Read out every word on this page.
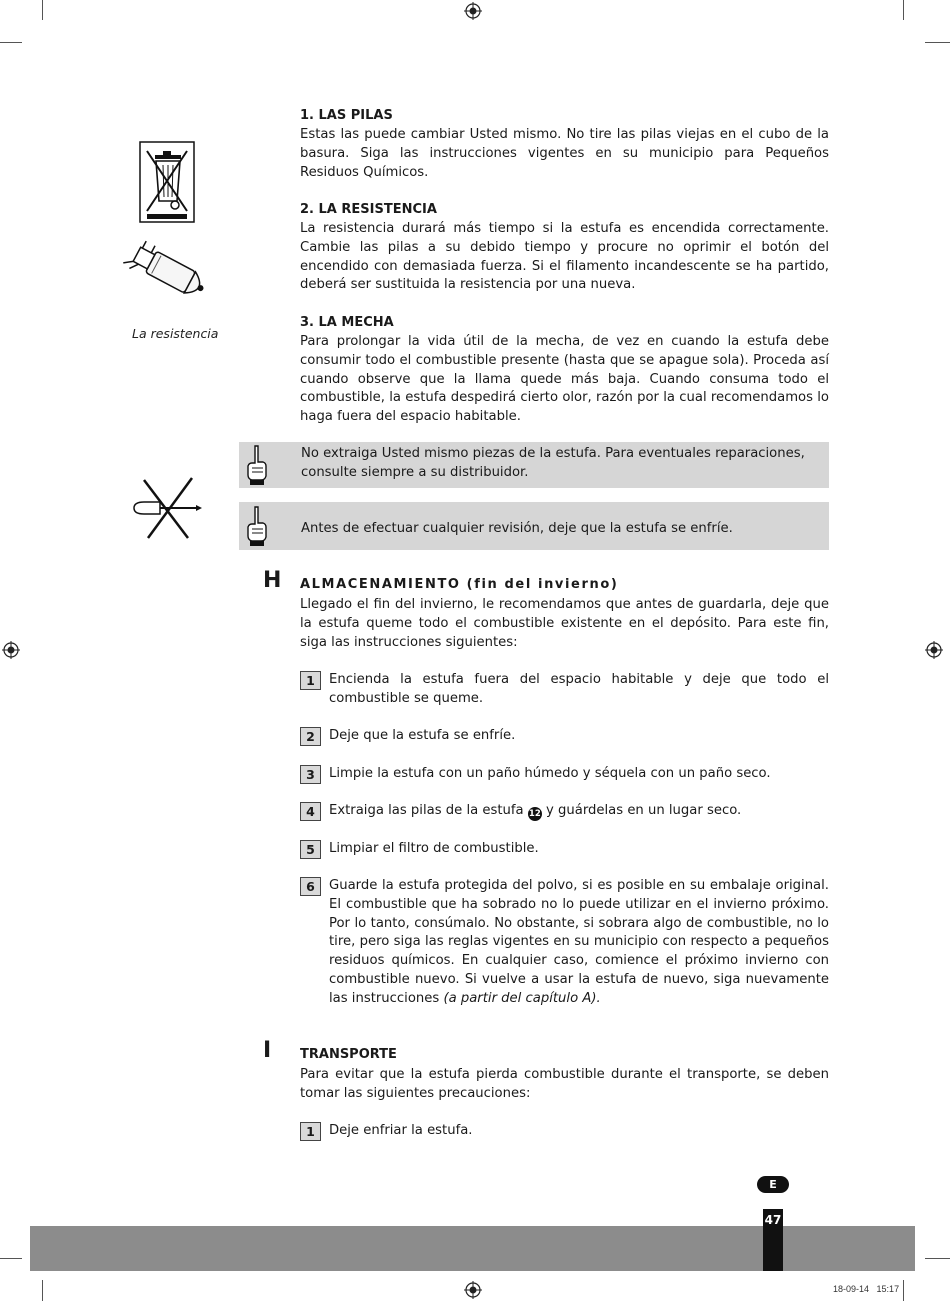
La resistencia
1. LAS PILAS
Estas las puede cambiar Usted mismo. No tire las pilas viejas en el cubo de la basura. Siga las instrucciones vigentes en su municipio para Pequeños Residuos Químicos.
2. LA RESISTENCIA
La resistencia durará más tiempo si la estufa es encendida correctamente. Cambie las pilas a su debido tiempo y procure no oprimir el botón del encendido con demasiada fuerza. Si el filamento incandescente se ha partido, deberá ser sustituida la resistencia por una nueva.
3. LA MECHA
Para prolongar la vida útil de la mecha, de vez en cuando la estufa debe consumir todo el combustible presente (hasta que se apague sola). Proceda así cuando observe que la llama quede más baja. Cuando consuma todo el combustible, la estufa despedirá cierto olor, razón por la cual recomendamos lo haga fuera del espacio habitable.
No extraiga Usted mismo piezas de la estufa. Para eventuales reparaciones, consulte siempre a su distribuidor.
Antes de efectuar cualquier revisión, deje que la estufa se enfríe.
H ALMACENAMIENTO (fin del invierno)
Llegado el fin del invierno, le recomendamos que antes de guardarla, deje que la estufa queme todo el combustible existente en el depósito. Para este fin, siga las instrucciones siguientes:
1	Encienda la estufa fuera del espacio habitable y deje que todo el combustible se queme.
2	Deje que la estufa se enfríe.
3	Limpie la estufa con un paño húmedo y séquela con un paño seco.
4	Extraiga las pilas de la estufa 12 y guárdelas en un lugar seco.
5	Limpiar el filtro de combustible.
6	Guarde la estufa protegida del polvo, si es posible en su embalaje original. El combustible que ha sobrado no lo puede utilizar en el invierno próximo. Por lo tanto, consúmalo. No obstante, si sobrara algo de combustible, no lo tire, pero siga las reglas vigentes en su municipio con respecto a pequeños residuos químicos. En cualquier caso, comience el próximo invierno con combustible nuevo. Si vuelve a usar la estufa de nuevo, siga nuevamente las instrucciones (a partir del capítulo A).
I TRANSPORTE
Para evitar que la estufa pierda combustible durante el transporte, se deben tomar las siguientes precauciones:
1	Deje enfriar la estufa.
E
47
18-09-14 15:17
